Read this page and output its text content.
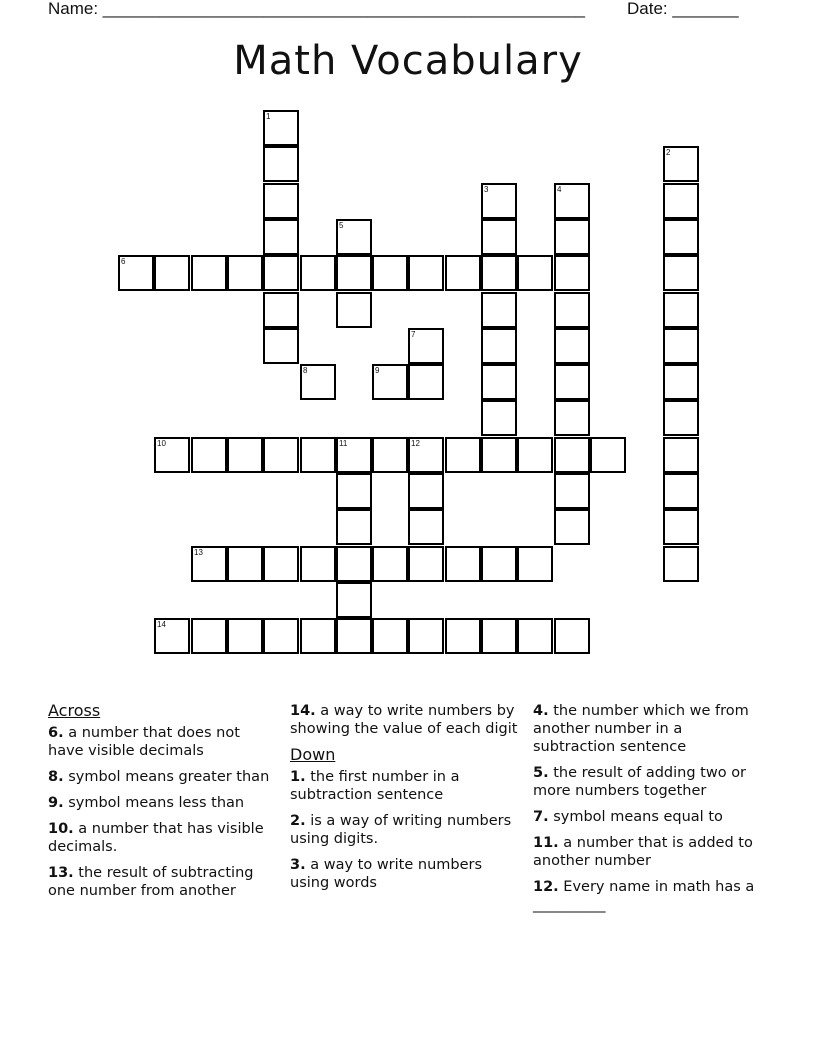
Name: ___________________________________________________ Date: _______
Math Vocabulary
1
2
3	4
5
6
7
8	9
10	11	12
13
14
Across
6. a number that does not have visible decimals
8. symbol means greater than
9. symbol means less than
10. a number that has visible decimals.
13. the result of subtracting one number from another
14. a way to write numbers by showing the value of each digit
Down
1. the first number in a subtraction sentence
2. is a way of writing numbers using digits.
3. a way to write numbers using words
4. the number which we from another number in a subtraction sentence
5. the result of adding two or more numbers together
7. symbol means equal to
11. a number that is added to another number
12. Every name in math has a __________
